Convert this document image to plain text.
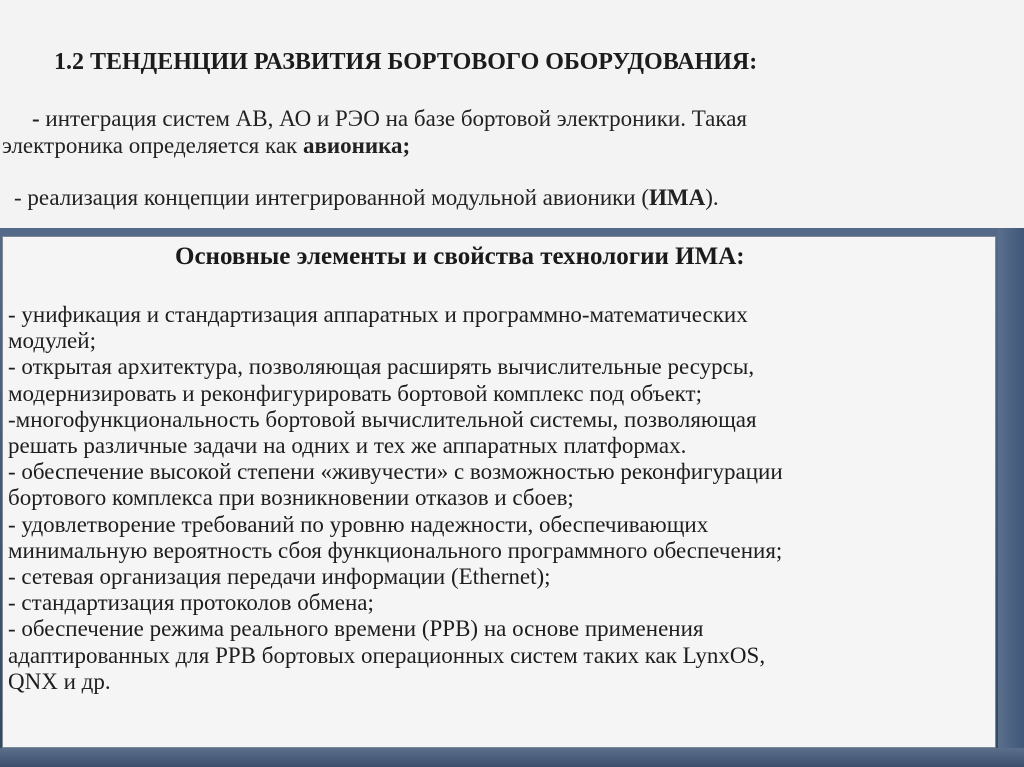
1.2 ТЕНДЕНЦИИ РАЗВИТИЯ БОРТОВОГО ОБОРУДОВАНИЯ:
- интеграция систем АВ, АО и РЭО на базе бортовой электроники. Такая
электроника определяется как авионика;
- реализация концепции интегрированной модульной авионики (ИМА).
Основные элементы и свойства технологии ИМА:
- унификация и стандартизация аппаратных и программно-математических
модулей;
- открытая архитектура, позволяющая расширять вычислительные ресурсы,
модернизировать и реконфигурировать бортовой комплекс под объект;
-многофункциональность бортовой вычислительной системы, позволяющая
решать различные задачи на одних и тех же аппаратных платформах.
- обеспечение высокой степени «живучести» с возможностью реконфигурации
бортового комплекса при возникновении отказов и сбоев;
- удовлетворение требований по уровню надежности, обеспечивающих
минимальную вероятность сбоя функционального программного обеспечения;
- сетевая организация передачи информации (Ethernet);
- стандартизация протоколов обмена;
- обеспечение режима реального времени (РРВ) на основе применения
адаптированных для РРВ бортовых операционных систем таких как LynxOS,
QNX и др.
